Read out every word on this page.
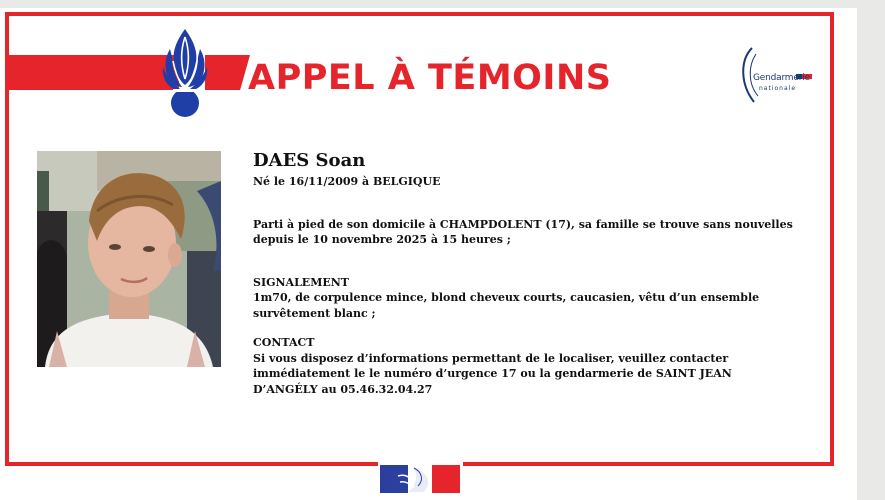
APPEL À TÉMOINS	Gendarmerie
nationale

DAES Soan

Né le 16/11/2009 à BELGIQUE

Parti à pied de son domicile à CHAMPDOLENT (17), sa famille se trouve sans nouvelles depuis le 10 novembre 2025 à 15 heures ;

SIGNALEMENT

1m70, de corpulence mince, blond cheveux courts, caucasien, vêtu d’un ensemble survêtement blanc ;

CONTACT

Si vous disposez d’informations permettant de le localiser, veuillez contacter immédiatement le le numéro d’urgence 17 ou la gendarmerie de SAINT JEAN D’ANGÉLY au 05.46.32.04.27
